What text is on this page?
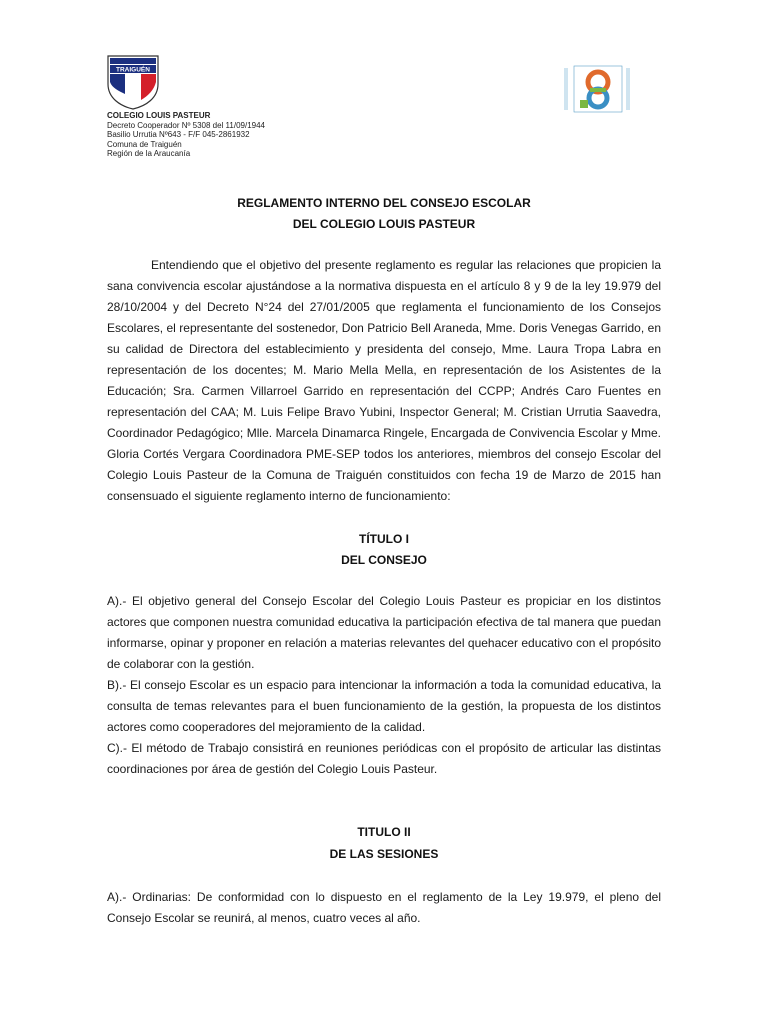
TRAIGUÉN
COLEGIO LOUIS PASTEUR
Decreto Cooperador Nº 5308 del 11/09/1944
Basilio Urrutia Nº643 - F/F 045-2861932
Comuna de Traiguén
Región de la Araucanía
REGLAMENTO INTERNO DEL CONSEJO ESCOLAR
DEL COLEGIO LOUIS PASTEUR

Entendiendo que el objetivo del presente reglamento es regular las relaciones que propicien la sana convivencia escolar ajustándose a la normativa dispuesta en el artículo 8 y 9 de la ley 19.979 del 28/10/2004 y del Decreto N°24 del 27/01/2005 que reglamenta el funcionamiento de los Consejos Escolares, el representante del sostenedor, Don Patricio Bell Araneda, Mme. Doris Venegas Garrido, en su calidad de Directora del establecimiento y presidenta del consejo, Mme. Laura Tropa Labra en representación de los docentes; M. Mario Mella Mella, en representación de los Asistentes de la Educación; Sra. Carmen Villarroel Garrido en representación del CCPP; Andrés Caro Fuentes en representación del CAA; M. Luis Felipe Bravo Yubini, Inspector General; M. Cristian Urrutia Saavedra, Coordinador Pedagógico; Mlle. Marcela Dinamarca Ringele, Encargada de Convivencia Escolar y Mme. Gloria Cortés Vergara Coordinadora PME-SEP todos los anteriores, miembros del consejo Escolar del Colegio Louis Pasteur de la Comuna de Traiguén constituidos con fecha 19 de Marzo de 2015 han consensuado el siguiente reglamento interno de funcionamiento:

TÍTULO I
DEL CONSEJO

A).- El objetivo general del Consejo Escolar del Colegio Louis Pasteur es propiciar en los distintos actores que componen nuestra comunidad educativa la participación efectiva de tal manera que puedan informarse, opinar y proponer en relación a materias relevantes del quehacer educativo con el propósito de colaborar con la gestión.

B).- El consejo Escolar es un espacio para intencionar la información a toda la comunidad educativa, la consulta de temas relevantes para el buen funcionamiento de la gestión, la propuesta de los distintos actores como cooperadores del mejoramiento de la calidad.

C).- El método de Trabajo consistirá en reuniones periódicas con el propósito de articular las distintas coordinaciones por área de gestión del Colegio Louis Pasteur.

TITULO II
DE LAS SESIONES

A).- Ordinarias: De conformidad con lo dispuesto en el reglamento de la Ley 19.979, el pleno del Consejo Escolar se reunirá, al menos, cuatro veces al año.
